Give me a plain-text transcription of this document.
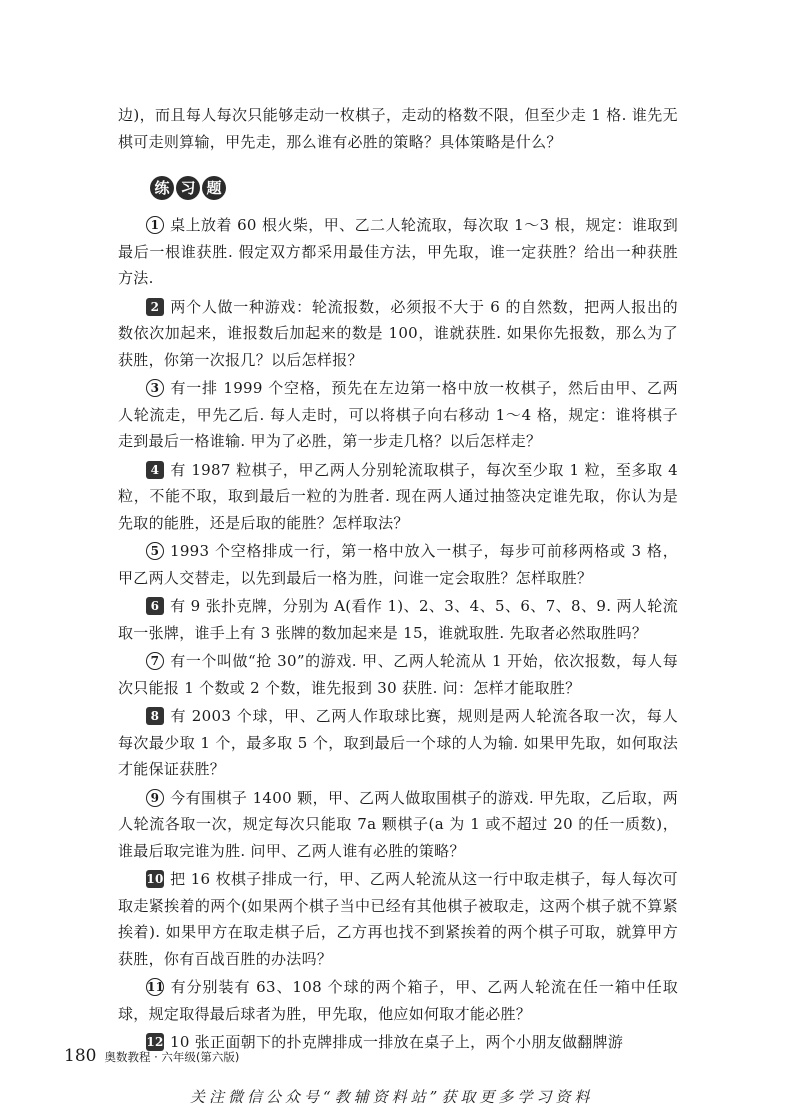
边)，而且每人每次只能够走动一枚棋子，走动的格数不限，但至少走 1 格. 谁先无棋可走则算输，甲先走，那么谁有必胜的策略？具体策略是什么？
练 习 题

1 桌上放着 60 根火柴，甲、乙二人轮流取，每次取 1～3 根，规定：谁取到最后一根谁获胜. 假定双方都采用最佳方法，甲先取，谁一定获胜？给出一种获胜方法.

2 两个人做一种游戏：轮流报数，必须报不大于 6 的自然数，把两人报出的数依次加起来，谁报数后加起来的数是 100，谁就获胜. 如果你先报数，那么为了获胜，你第一次报几？以后怎样报？

3 有一排 1999 个空格，预先在左边第一格中放一枚棋子，然后由甲、乙两人轮流走，甲先乙后. 每人走时，可以将棋子向右移动 1～4 格，规定：谁将棋子走到最后一格谁输. 甲为了必胜，第一步走几格？以后怎样走？

4 有 1987 粒棋子，甲乙两人分别轮流取棋子，每次至少取 1 粒，至多取 4 粒，不能不取，取到最后一粒的为胜者. 现在两人通过抽签决定谁先取，你认为是先取的能胜，还是后取的能胜？怎样取法？

5 1993 个空格排成一行，第一格中放入一棋子，每步可前移两格或 3 格，甲乙两人交替走，以先到最后一格为胜，问谁一定会取胜？怎样取胜？

6 有 9 张扑克牌，分别为 A(看作 1)、2、3、4、5、6、7、8、9. 两人轮流取一张牌，谁手上有 3 张牌的数加起来是 15，谁就取胜. 先取者必然取胜吗？

7 有一个叫做“抢 30”的游戏. 甲、乙两人轮流从 1 开始，依次报数，每人每次只能报 1 个数或 2 个数，谁先报到 30 获胜. 问：怎样才能取胜？

8 有 2003 个球，甲、乙两人作取球比赛，规则是两人轮流各取一次，每人每次最少取 1 个，最多取 5 个，取到最后一个球的人为输. 如果甲先取，如何取法才能保证获胜？

9 今有围棋子 1400 颗，甲、乙两人做取围棋子的游戏. 甲先取，乙后取，两人轮流各取一次，规定每次只能取 7a 颗棋子(a 为 1 或不超过 20 的任一质数)，谁最后取完谁为胜. 问甲、乙两人谁有必胜的策略？

10 把 16 枚棋子排成一行，甲、乙两人轮流从这一行中取走棋子，每人每次可取走紧挨着的两个(如果两个棋子当中已经有其他棋子被取走，这两个棋子就不算紧挨着). 如果甲方在取走棋子后，乙方再也找不到紧挨着的两个棋子可取，就算甲方获胜，你有百战百胜的办法吗？

11 有分别装有 63、108 个球的两个箱子，甲、乙两人轮流在任一箱中任取球，规定取得最后球者为胜，甲先取，他应如何取才能必胜？

12 10 张正面朝下的扑克牌排成一排放在桌子上，两个小朋友做翻牌游

180 奥数教程 · 六年级(第六版)
关注微信公众号“教辅资料站”获取更多学习资料
